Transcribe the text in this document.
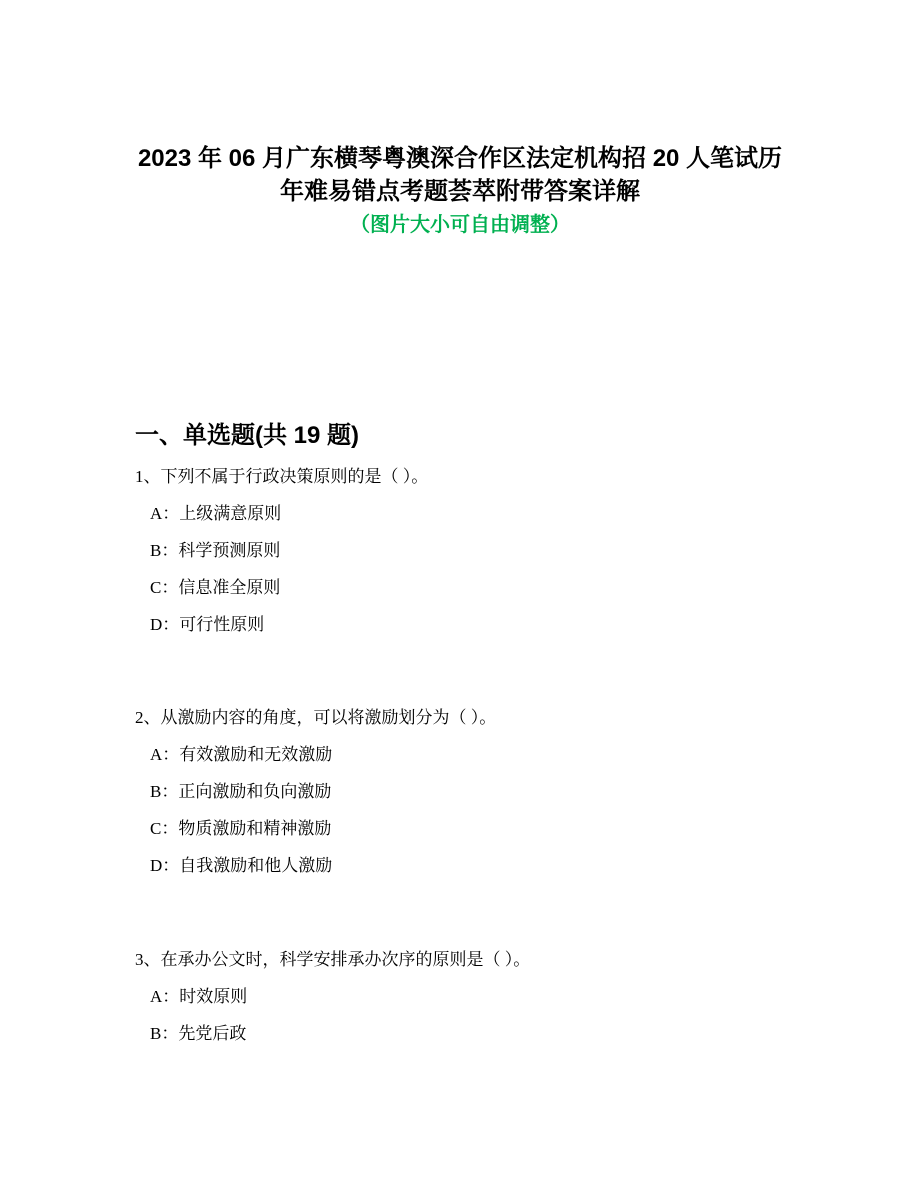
2023 年 06 月广东横琴粤澳深合作区法定机构招 20 人笔试历
年难易错点考题荟萃附带答案详解
（图片大小可自由调整）
一、单选题(共 19 题)
1、下列不属于行政决策原则的是（ ）。
A：上级满意原则
B：科学预测原则
C：信息准全原则
D：可行性原则
2、从激励内容的角度，可以将激励划分为（ ）。
A：有效激励和无效激励
B：正向激励和负向激励
C：物质激励和精神激励
D：自我激励和他人激励
3、在承办公文时，科学安排承办次序的原则是（ ）。
A：时效原则
B：先党后政
